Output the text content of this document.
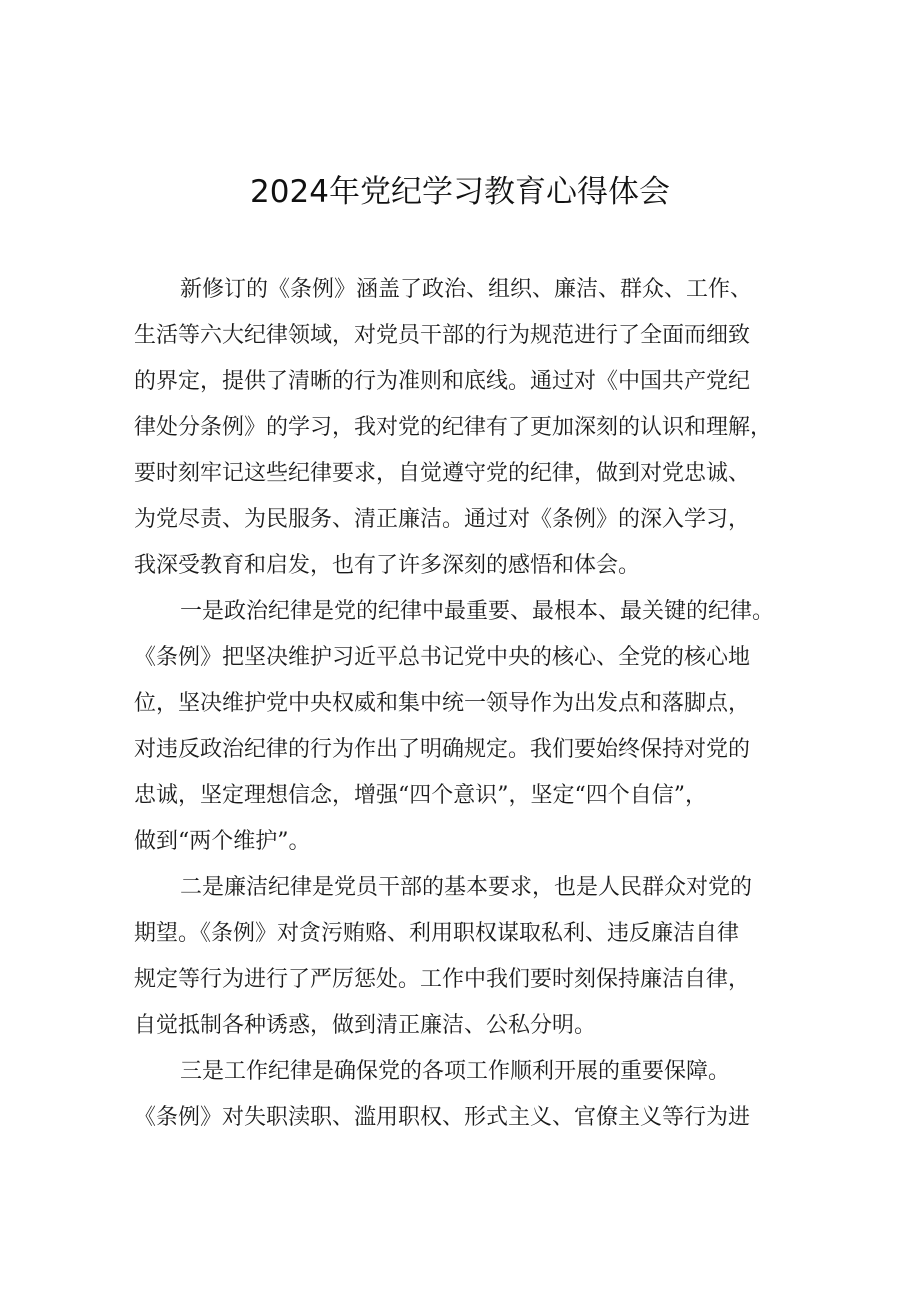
2024年党纪学习教育心得体会
新修订的《条例》涵盖了政治、组织、廉洁、群众、工作、
生活等六大纪律领域，对党员干部的行为规范进行了全面而细致
的界定，提供了清晰的行为准则和底线。通过对《中国共产党纪
律处分条例》的学习，我对党的纪律有了更加深刻的认识和理解，
要时刻牢记这些纪律要求，自觉遵守党的纪律，做到对党忠诚、
为党尽责、为民服务、清正廉洁。通过对《条例》的深入学习，
我深受教育和启发，也有了许多深刻的感悟和体会。
一是政治纪律是党的纪律中最重要、最根本、最关键的纪律。
《条例》把坚决维护习近平总书记党中央的核心、全党的核心地
位，坚决维护党中央权威和集中统一领导作为出发点和落脚点，
对违反政治纪律的行为作出了明确规定。我们要始终保持对党的
忠诚，坚定理想信念，增强“四个意识”，坚定“四个自信”，
做到“两个维护”。
二是廉洁纪律是党员干部的基本要求，也是人民群众对党的
期望。《条例》对贪污贿赂、利用职权谋取私利、违反廉洁自律
规定等行为进行了严厉惩处。工作中我们要时刻保持廉洁自律，
自觉抵制各种诱惑，做到清正廉洁、公私分明。
三是工作纪律是确保党的各项工作顺利开展的重要保障。
《条例》对失职渎职、滥用职权、形式主义、官僚主义等行为进
